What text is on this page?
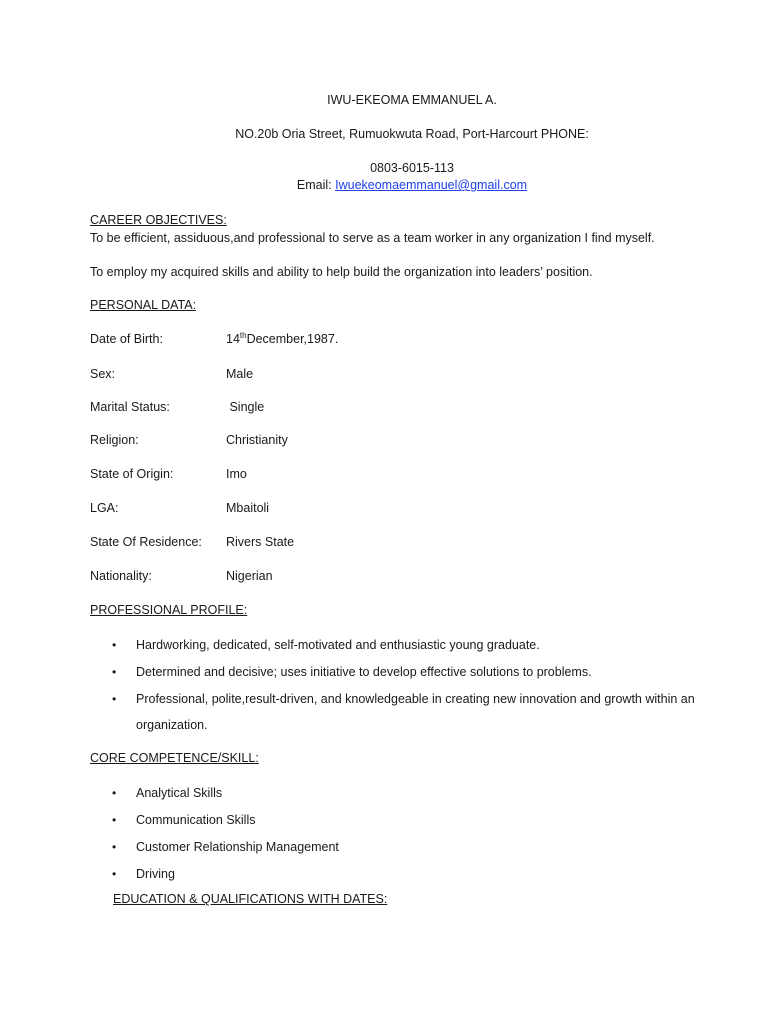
IWU-EKEOMA EMMANUEL A.
NO.20b Oria Street, Rumuokwuta Road, Port-Harcourt PHONE:
0803-6015-113
Email: Iwuekeomaemmanuel@gmail.com
CAREER OBJECTIVES:
To be efficient, assiduous,and professional to serve as a team worker in any organization I find myself.
To employ my acquired skills and ability to help build the organization into leaders’ position.
PERSONAL DATA:
Date of Birth:	14thDecember,1987.
Sex:	Male
Marital Status:	Single
Religion:	Christianity
State of Origin:	Imo
LGA:	Mbaitoli
State Of Residence: Rivers State
Nationality:	Nigerian
PROFESSIONAL PROFILE:
• Hardworking, dedicated, self-motivated and enthusiastic young graduate.
• Determined and decisive; uses initiative to develop effective solutions to problems.
• Professional, polite,result-driven, and knowledgeable in creating new innovation and growth within an organization.
CORE COMPETENCE/SKILL:
• Analytical Skills
• Communication Skills
• Customer Relationship Management
• Driving
EDUCATION & QUALIFICATIONS WITH DATES:
